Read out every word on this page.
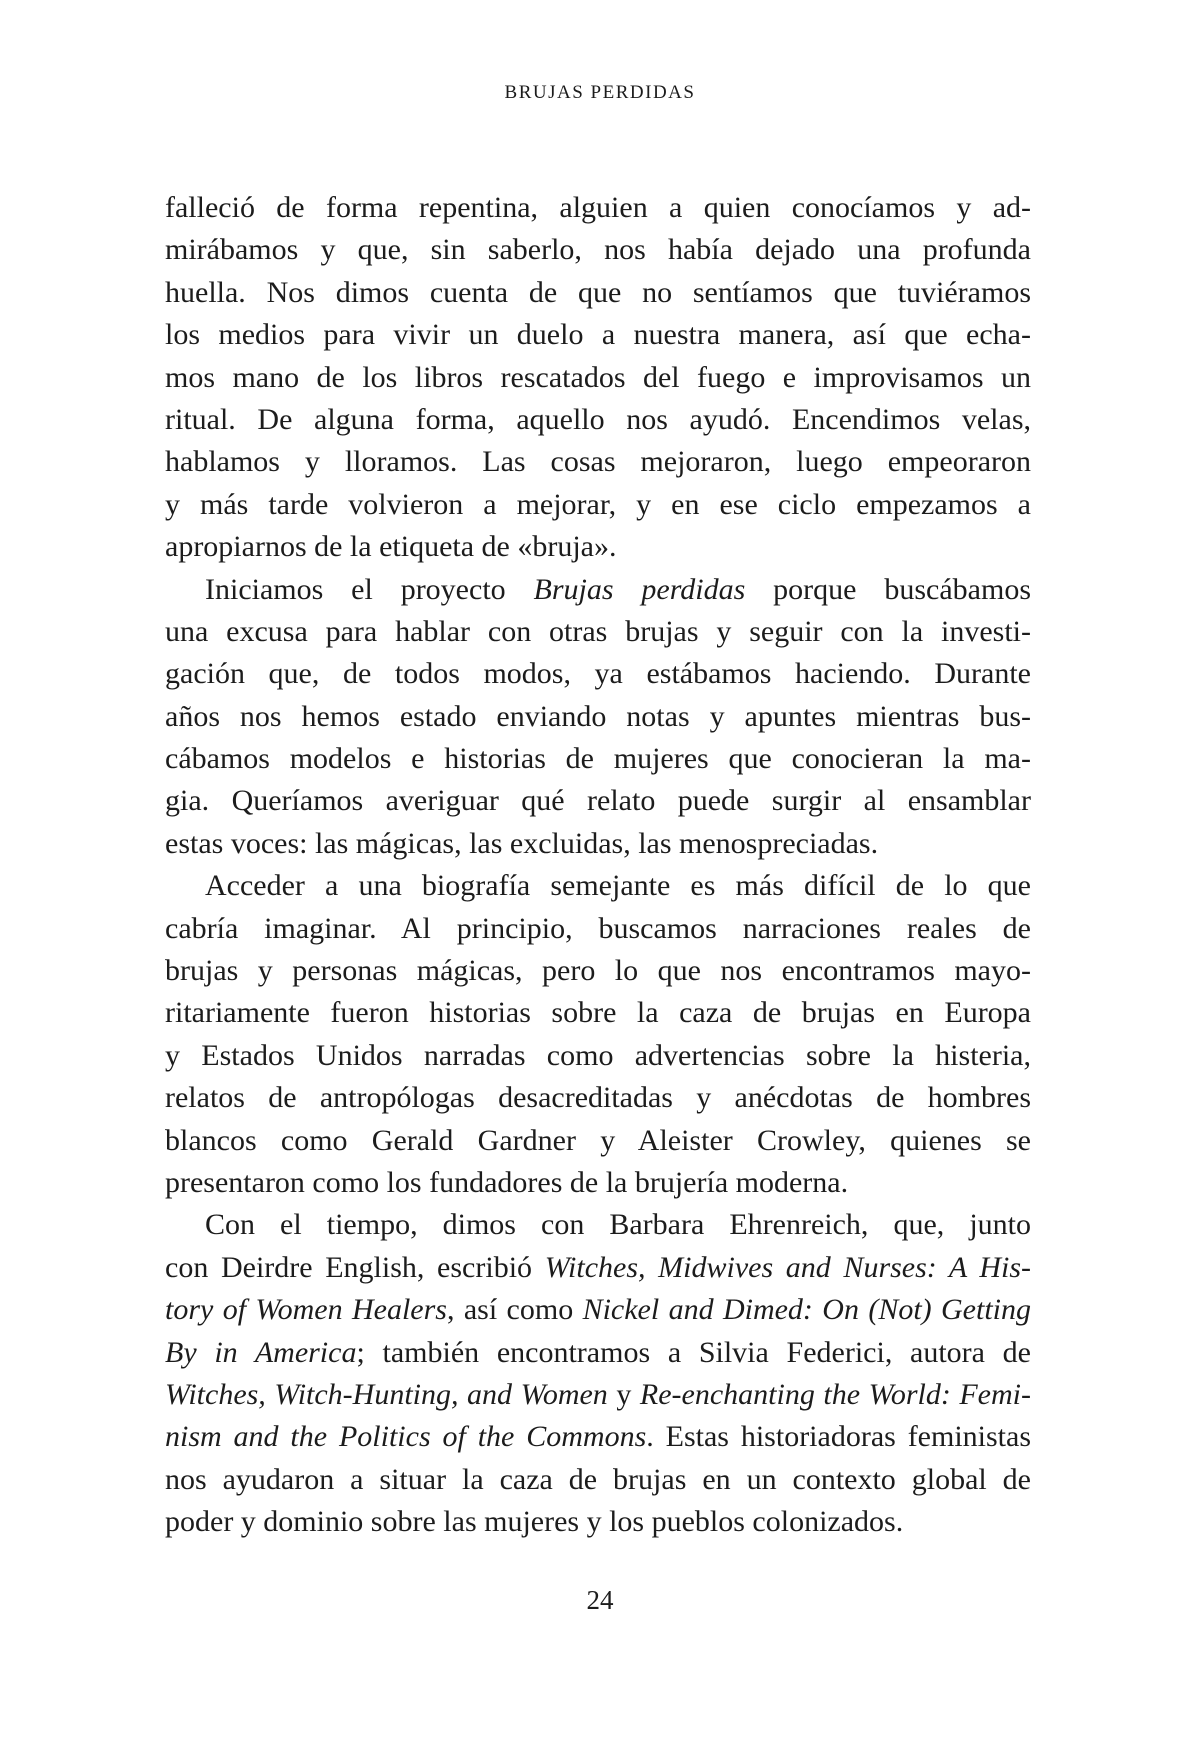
BRUJAS PERDIDAS
falleció de forma repentina, alguien a quien conocíamos y ad-
mirábamos y que, sin saberlo, nos había dejado una profunda
huella. Nos dimos cuenta de que no sentíamos que tuviéramos
los medios para vivir un duelo a nuestra manera, así que echa-
mos mano de los libros rescatados del fuego e improvisamos un
ritual. De alguna forma, aquello nos ayudó. Encendimos velas,
hablamos y lloramos. Las cosas mejoraron, luego empeoraron
y más tarde volvieron a mejorar, y en ese ciclo empezamos a
apropiarnos de la etiqueta de «bruja».
Iniciamos el proyecto Brujas perdidas porque buscábamos
una excusa para hablar con otras brujas y seguir con la investi-
gación que, de todos modos, ya estábamos haciendo. Durante
años nos hemos estado enviando notas y apuntes mientras bus-
cábamos modelos e historias de mujeres que conocieran la ma-
gia. Queríamos averiguar qué relato puede surgir al ensamblar
estas voces: las mágicas, las excluidas, las menospreciadas.
Acceder a una biografía semejante es más difícil de lo que
cabría imaginar. Al principio, buscamos narraciones reales de
brujas y personas mágicas, pero lo que nos encontramos mayo-
ritariamente fueron historias sobre la caza de brujas en Europa
y Estados Unidos narradas como advertencias sobre la histeria,
relatos de antropólogas desacreditadas y anécdotas de hombres
blancos como Gerald Gardner y Aleister Crowley, quienes se
presentaron como los fundadores de la brujería moderna.
Con el tiempo, dimos con Barbara Ehrenreich, que, junto
con Deirdre English, escribió Witches, Midwives and Nurses: A His-
tory of Women Healers, así como Nickel and Dimed: On (Not) Getting
By in America; también encontramos a Silvia Federici, autora de
Witches, Witch-Hunting, and Women y Re-enchanting the World: Femi-
nism and the Politics of the Commons. Estas historiadoras feministas
nos ayudaron a situar la caza de brujas en un contexto global de
poder y dominio sobre las mujeres y los pueblos colonizados.
24
